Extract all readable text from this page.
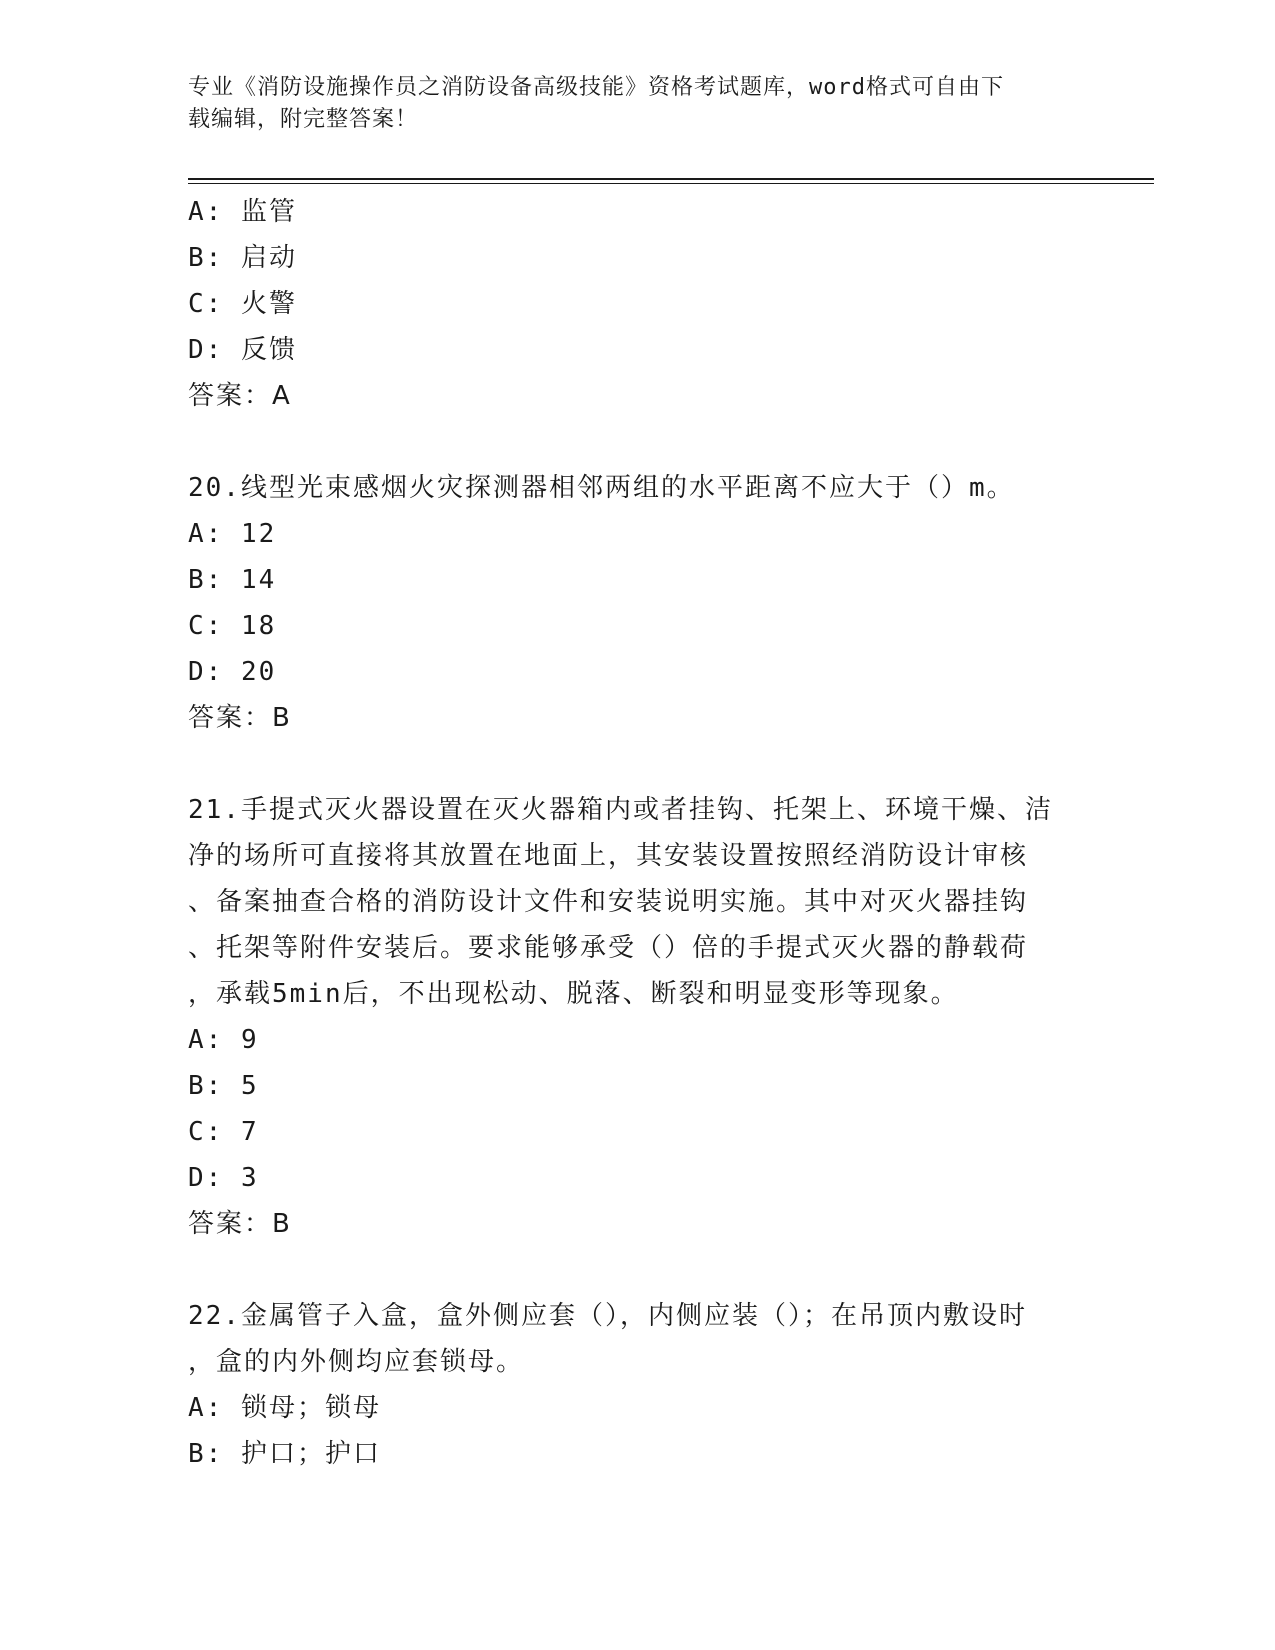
专业《消防设施操作员之消防设备高级技能》资格考试题库，word格式可自由下
载编辑，附完整答案！
A: 监管
B: 启动
C: 火警
D: 反馈
答案：A
20.线型光束感烟火灾探测器相邻两组的水平距离不应大于（）m。
A: 12
B: 14
C: 18
D: 20
答案：B
21.手提式灭火器设置在灭火器箱内或者挂钩、托架上、环境干燥、洁
净的场所可直接将其放置在地面上，其安装设置按照经消防设计审核
、备案抽查合格的消防设计文件和安装说明实施。其中对灭火器挂钩
、托架等附件安装后。要求能够承受（）倍的手提式灭火器的静载荷
，承载5min后，不出现松动、脱落、断裂和明显变形等现象。
A: 9
B: 5
C: 7
D: 3
答案：B
22.金属管子入盒，盒外侧应套（），内侧应装（）；在吊顶内敷设时
，盒的内外侧均应套锁母。
A: 锁母；锁母
B: 护口；护口
